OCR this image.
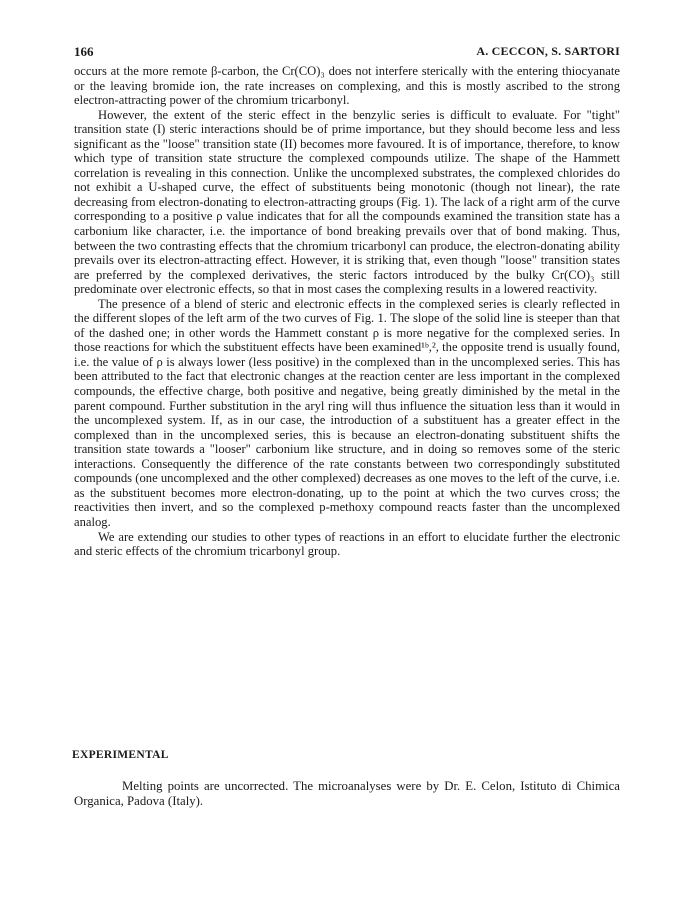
166	A. CECCON, S. SARTORI

occurs at the more remote β-carbon, the Cr(CO)₃ does not interfere sterically with the entering thiocyanate or the leaving bromide ion, the rate increases on complexing, and this is mostly ascribed to the strong electron-attracting power of the chromium tricarbonyl.

However, the extent of the steric effect in the benzylic series is difficult to evaluate. For "tight" transition state (I) steric interactions should be of prime importance, but they should become less and less significant as the "loose" transition state (II) becomes more favoured. It is of importance, therefore, to know which type of transition state structure the complexed compounds utilize. The shape of the Hammett correlation is revealing in this connection. Unlike the uncomplexed substrates, the complexed chlorides do not exhibit a U-shaped curve, the effect of substituents being monotonic (though not linear), the rate decreasing from electron-donating to electron-attracting groups (Fig. 1). The lack of a right arm of the curve corresponding to a positive ρ value indicates that for all the compounds examined the transition state has a carbonium like character, i.e. the importance of bond breaking prevails over that of bond making. Thus, between the two contrasting effects that the chromium tricarbonyl can produce, the electron-donating ability prevails over its electron-attracting effect. However, it is striking that, even though "loose" transition states are preferred by the complexed derivatives, the steric factors introduced by the bulky Cr(CO)₃ still predominate over electronic effects, so that in most cases the complexing results in a lowered reactivity.

The presence of a blend of steric and electronic effects in the complexed series is clearly reflected in the different slopes of the left arm of the two curves of Fig. 1. The slope of the solid line is steeper than that of the dashed one; in other words the Hammett constant ρ is more negative for the complexed series. In those reactions for which the substituent effects have been examined¹ᵇ,², the opposite trend is usually found, i.e. the value of ρ is always lower (less positive) in the complexed than in the uncomplexed series. This has been attributed to the fact that electronic changes at the reaction center are less important in the complexed compounds, the effective charge, both positive and negative, being greatly diminished by the metal in the parent compound. Further substitution in the aryl ring will thus influence the situation less than it would in the uncomplexed system. If, as in our case, the introduction of a substituent has a greater effect in the complexed than in the uncomplexed series, this is because an electron-donating substituent shifts the transition state towards a "looser" carbonium like structure, and in doing so removes some of the steric interactions. Consequently the difference of the rate constants between two correspondingly substituted compounds (one uncomplexed and the other complexed) decreases as one moves to the left of the curve, i.e. as the substituent becomes more electron-donating, up to the point at which the two curves cross; the reactivities then invert, and so the complexed p-methoxy compound reacts faster than the uncomplexed analog.

We are extending our studies to other types of reactions in an effort to elucidate further the electronic and steric effects of the chromium tricarbonyl group.

EXPERIMENTAL

Melting points are uncorrected. The microanalyses were by Dr. E. Celon, Istituto di Chimica Organica, Padova (Italy).
